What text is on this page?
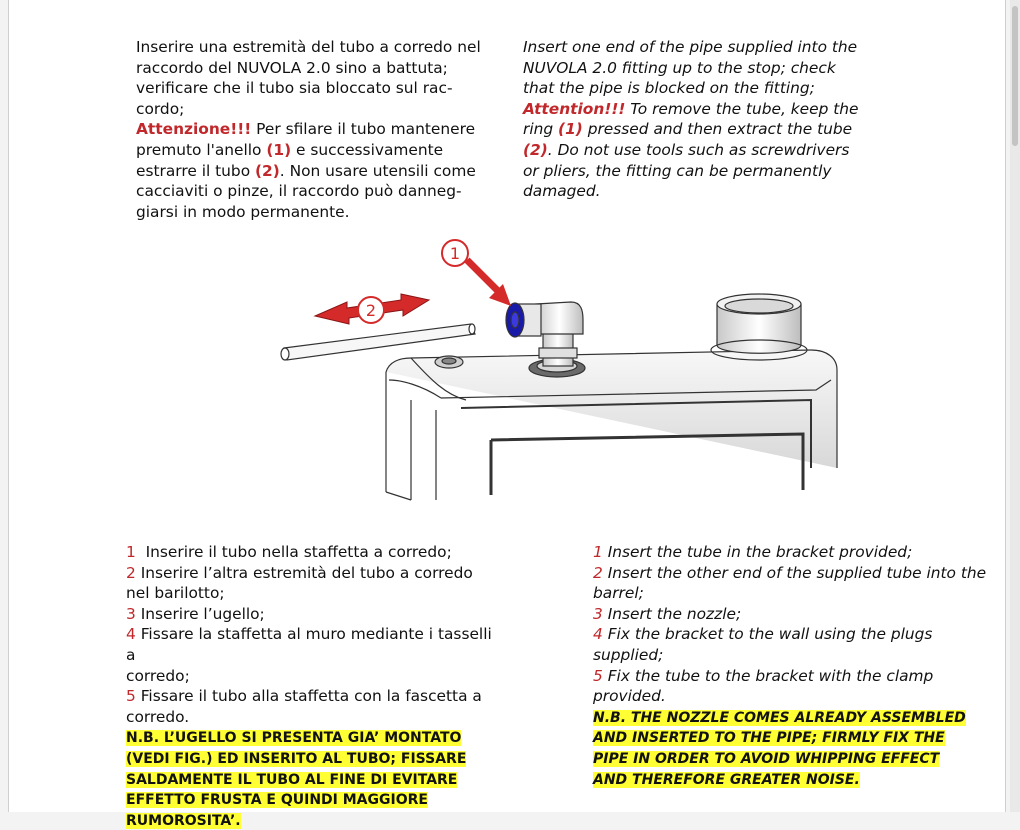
Inserire una estremità del tubo a corredo nel
raccordo del NUVOLA 2.0 sino a battuta;
verificare che il tubo sia bloccato sul rac-
cordo;
Attenzione!!! Per sfilare il tubo mantenere
premuto l'anello (1) e successivamente
estrarre il tubo (2). Non usare utensili come
cacciaviti o pinze, il raccordo può danneg-
giarsi in modo permanente.
Insert one end of the pipe supplied into the
NUVOLA 2.0 fitting up to the stop; check
that the pipe is blocked on the fitting;
Attention!!! To remove the tube, keep the
ring (1) pressed and then extract the tube
(2). Do not use tools such as screwdrivers
or pliers, the fitting can be permanently
damaged.
2
1
1  Inserire il tubo nella staffetta a corredo;
2 Inserire l’altra estremità del tubo a corredo
nel barilotto;
3 Inserire l’ugello;
4 Fissare la staffetta al muro mediante i tasselli a
corredo;
5 Fissare il tubo alla staffetta con la fascetta a
corredo.
N.B. L’UGELLO SI PRESENTA GIA’ MONTATO
(VEDI FIG.) ED INSERITO AL TUBO; FISSARE
SALDAMENTE IL TUBO AL FINE DI EVITARE
EFFETTO FRUSTA E QUINDI MAGGIORE
RUMOROSITA’.
1 Insert the tube in the bracket provided;
2 Insert the other end of the supplied tube into the
barrel;
3 Insert the nozzle;
4 Fix the bracket to the wall using the plugs
supplied;
5 Fix the tube to the bracket with the clamp
provided.
N.B. THE NOZZLE COMES ALREADY ASSEMBLED
AND INSERTED TO THE PIPE; FIRMLY FIX THE
PIPE IN ORDER TO AVOID WHIPPING EFFECT
AND THEREFORE GREATER NOISE.
